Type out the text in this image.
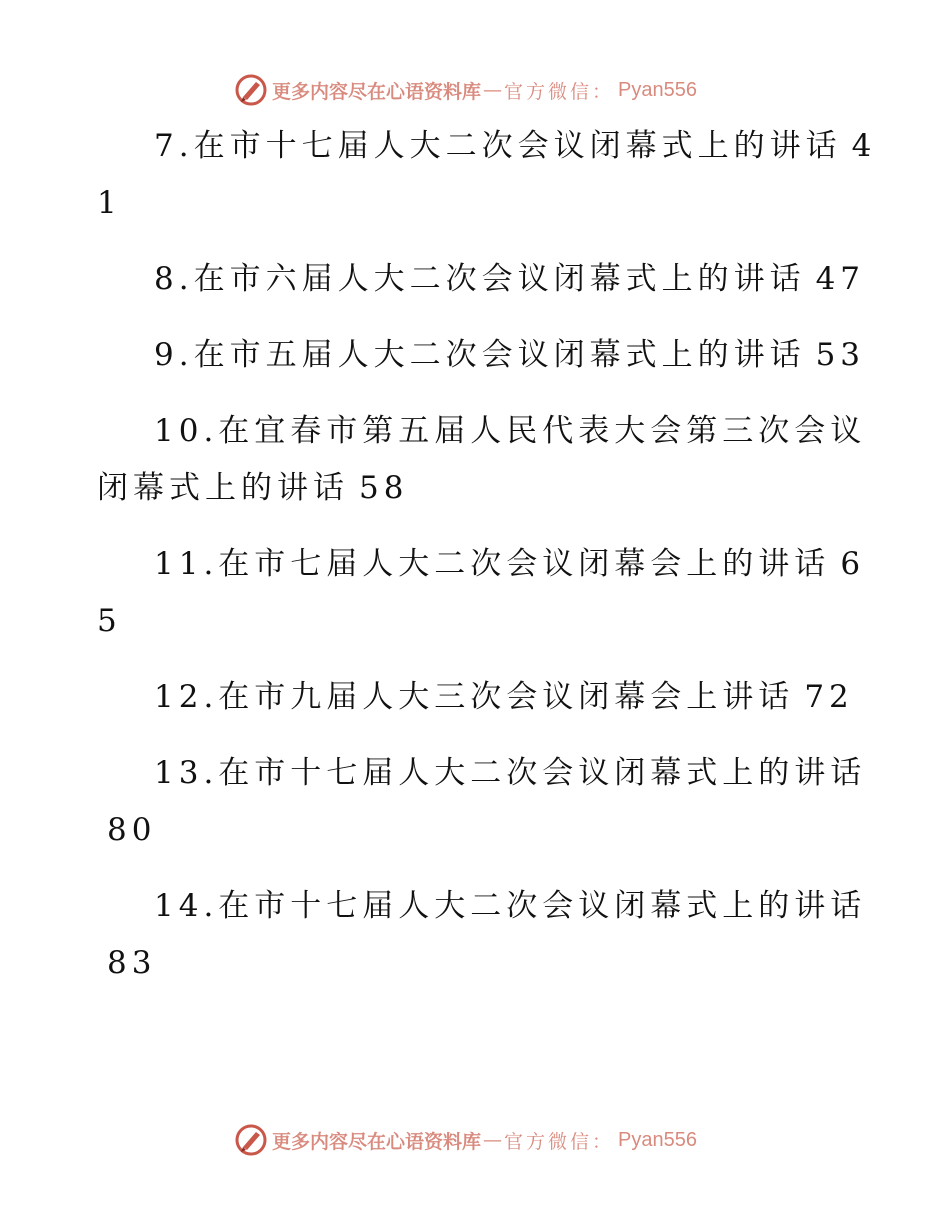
更多内容尽在心语资料库 — 官方微信： Pyan556
7.在市十七届人大二次会议闭幕式上的讲话 41
8.在市六届人大二次会议闭幕式上的讲话 47
9.在市五届人大二次会议闭幕式上的讲话 53
10.在宜春市第五届人民代表大会第三次会议闭幕式上的讲话 58
11.在市七届人大二次会议闭幕会上的讲话 65
12.在市九届人大三次会议闭幕会上讲话 72
13.在市十七届人大二次会议闭幕式上的讲话80
14.在市十七届人大二次会议闭幕式上的讲话83
更多内容尽在心语资料库 — 官方微信： Pyan556
